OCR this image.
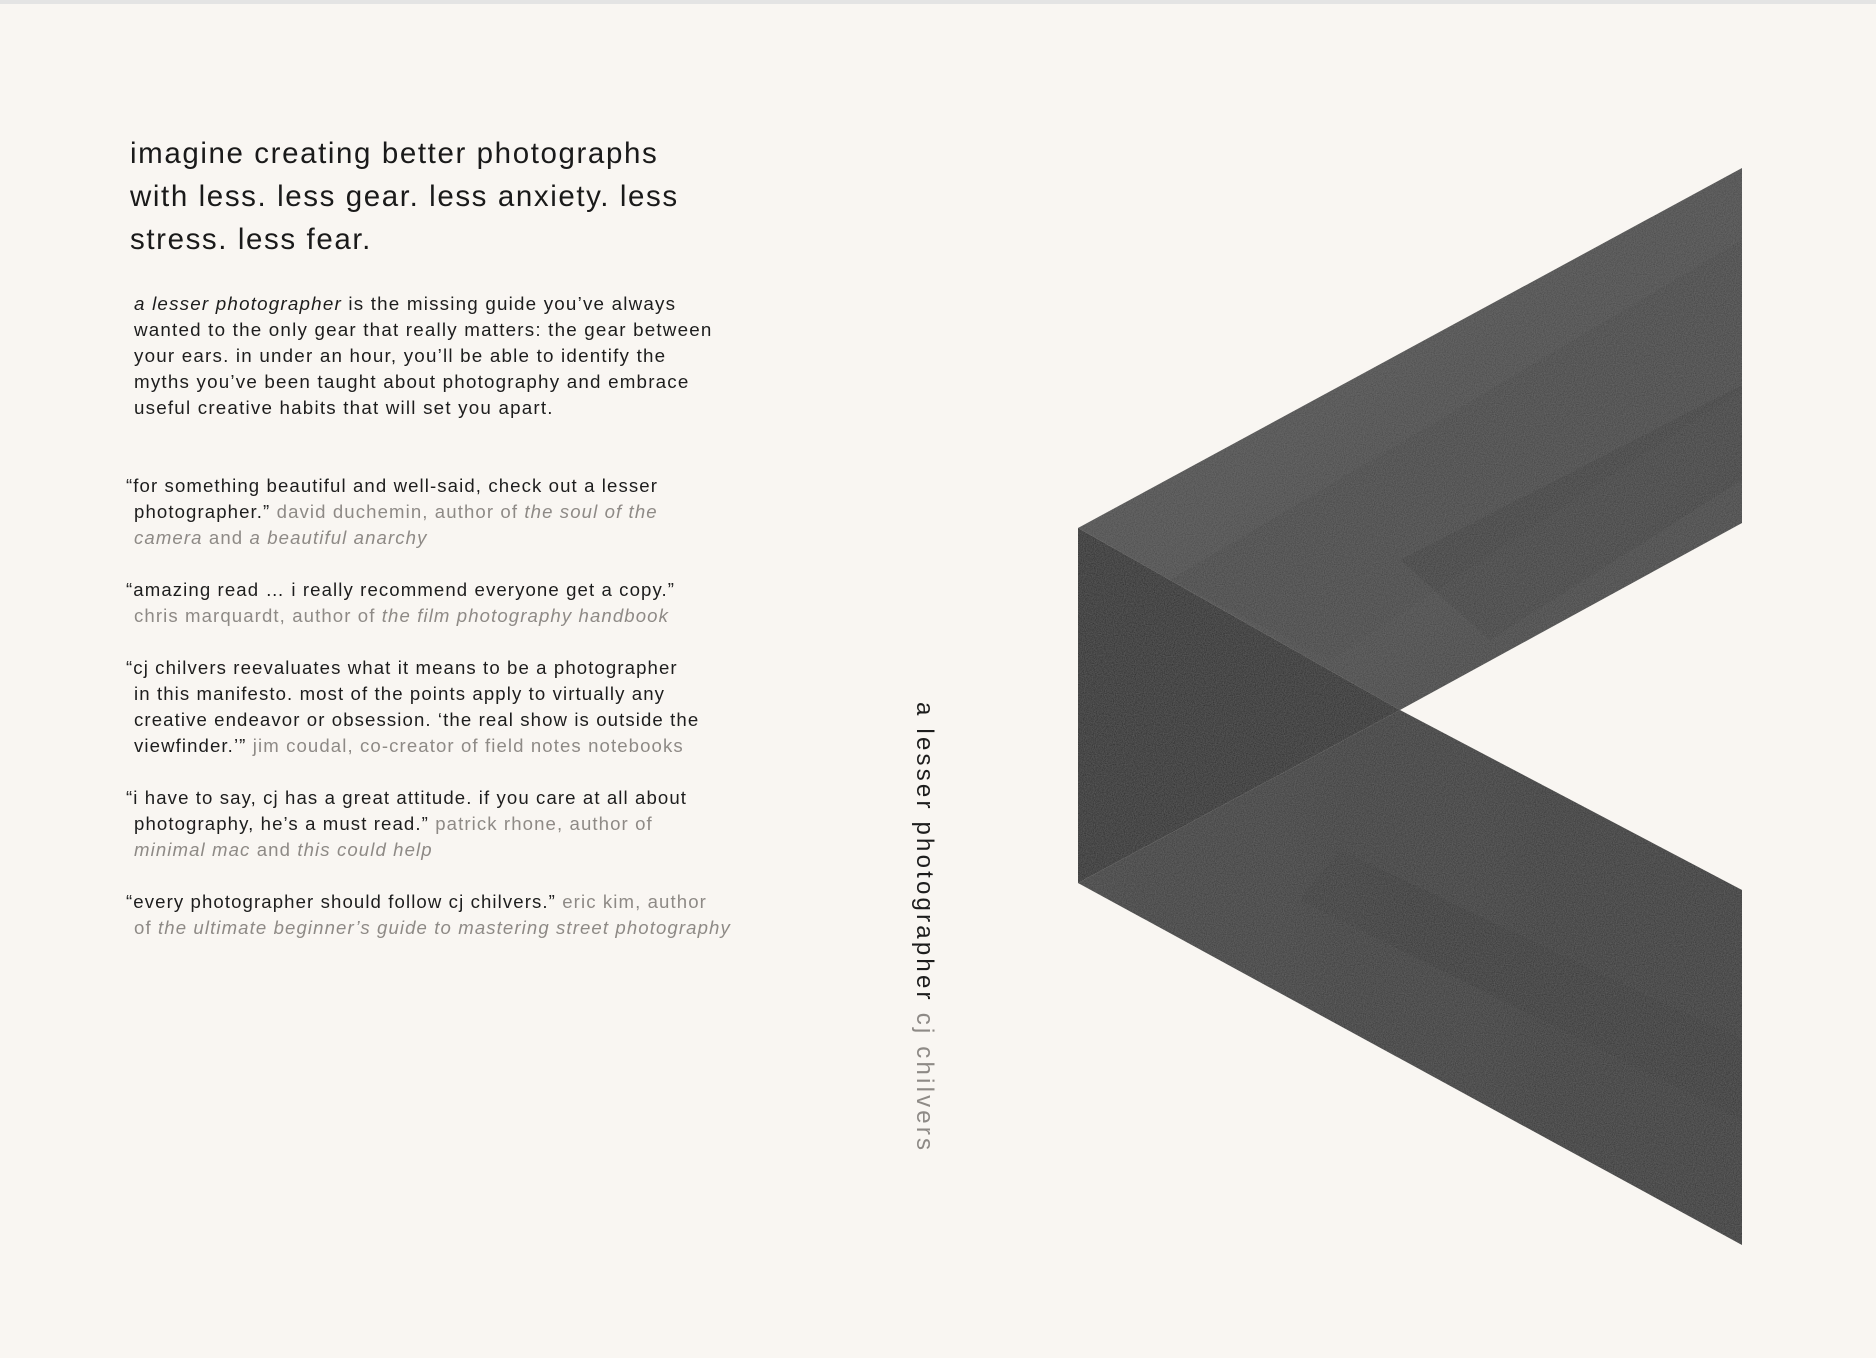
imagine creating better photographs
with less. less gear. less anxiety. less
stress. less fear.

a lesser photographer is the missing guide you’ve always
wanted to the only gear that really matters: the gear between
your ears. in under an hour, you’ll be able to identify the
myths you’ve been taught about photography and embrace
useful creative habits that will set you apart.

“for something beautiful and well-said, check out a lesser
photographer.” david duchemin, author of the soul of the
camera and a beautiful anarchy

“amazing read … i really recommend everyone get a copy.”
chris marquardt, author of the film photography handbook

“cj chilvers reevaluates what it means to be a photographer
in this manifesto. most of the points apply to virtually any
creative endeavor or obsession. ‘the real show is outside the
viewfinder.’” jim coudal, co-creator of field notes notebooks

“i have to say, cj has a great attitude. if you care at all about
photography, he’s a must read.” patrick rhone, author of
minimal mac and this could help

“every photographer should follow cj chilvers.” eric kim, author
of the ultimate beginner’s guide to mastering street photography	a lesser photographercj chilvers
